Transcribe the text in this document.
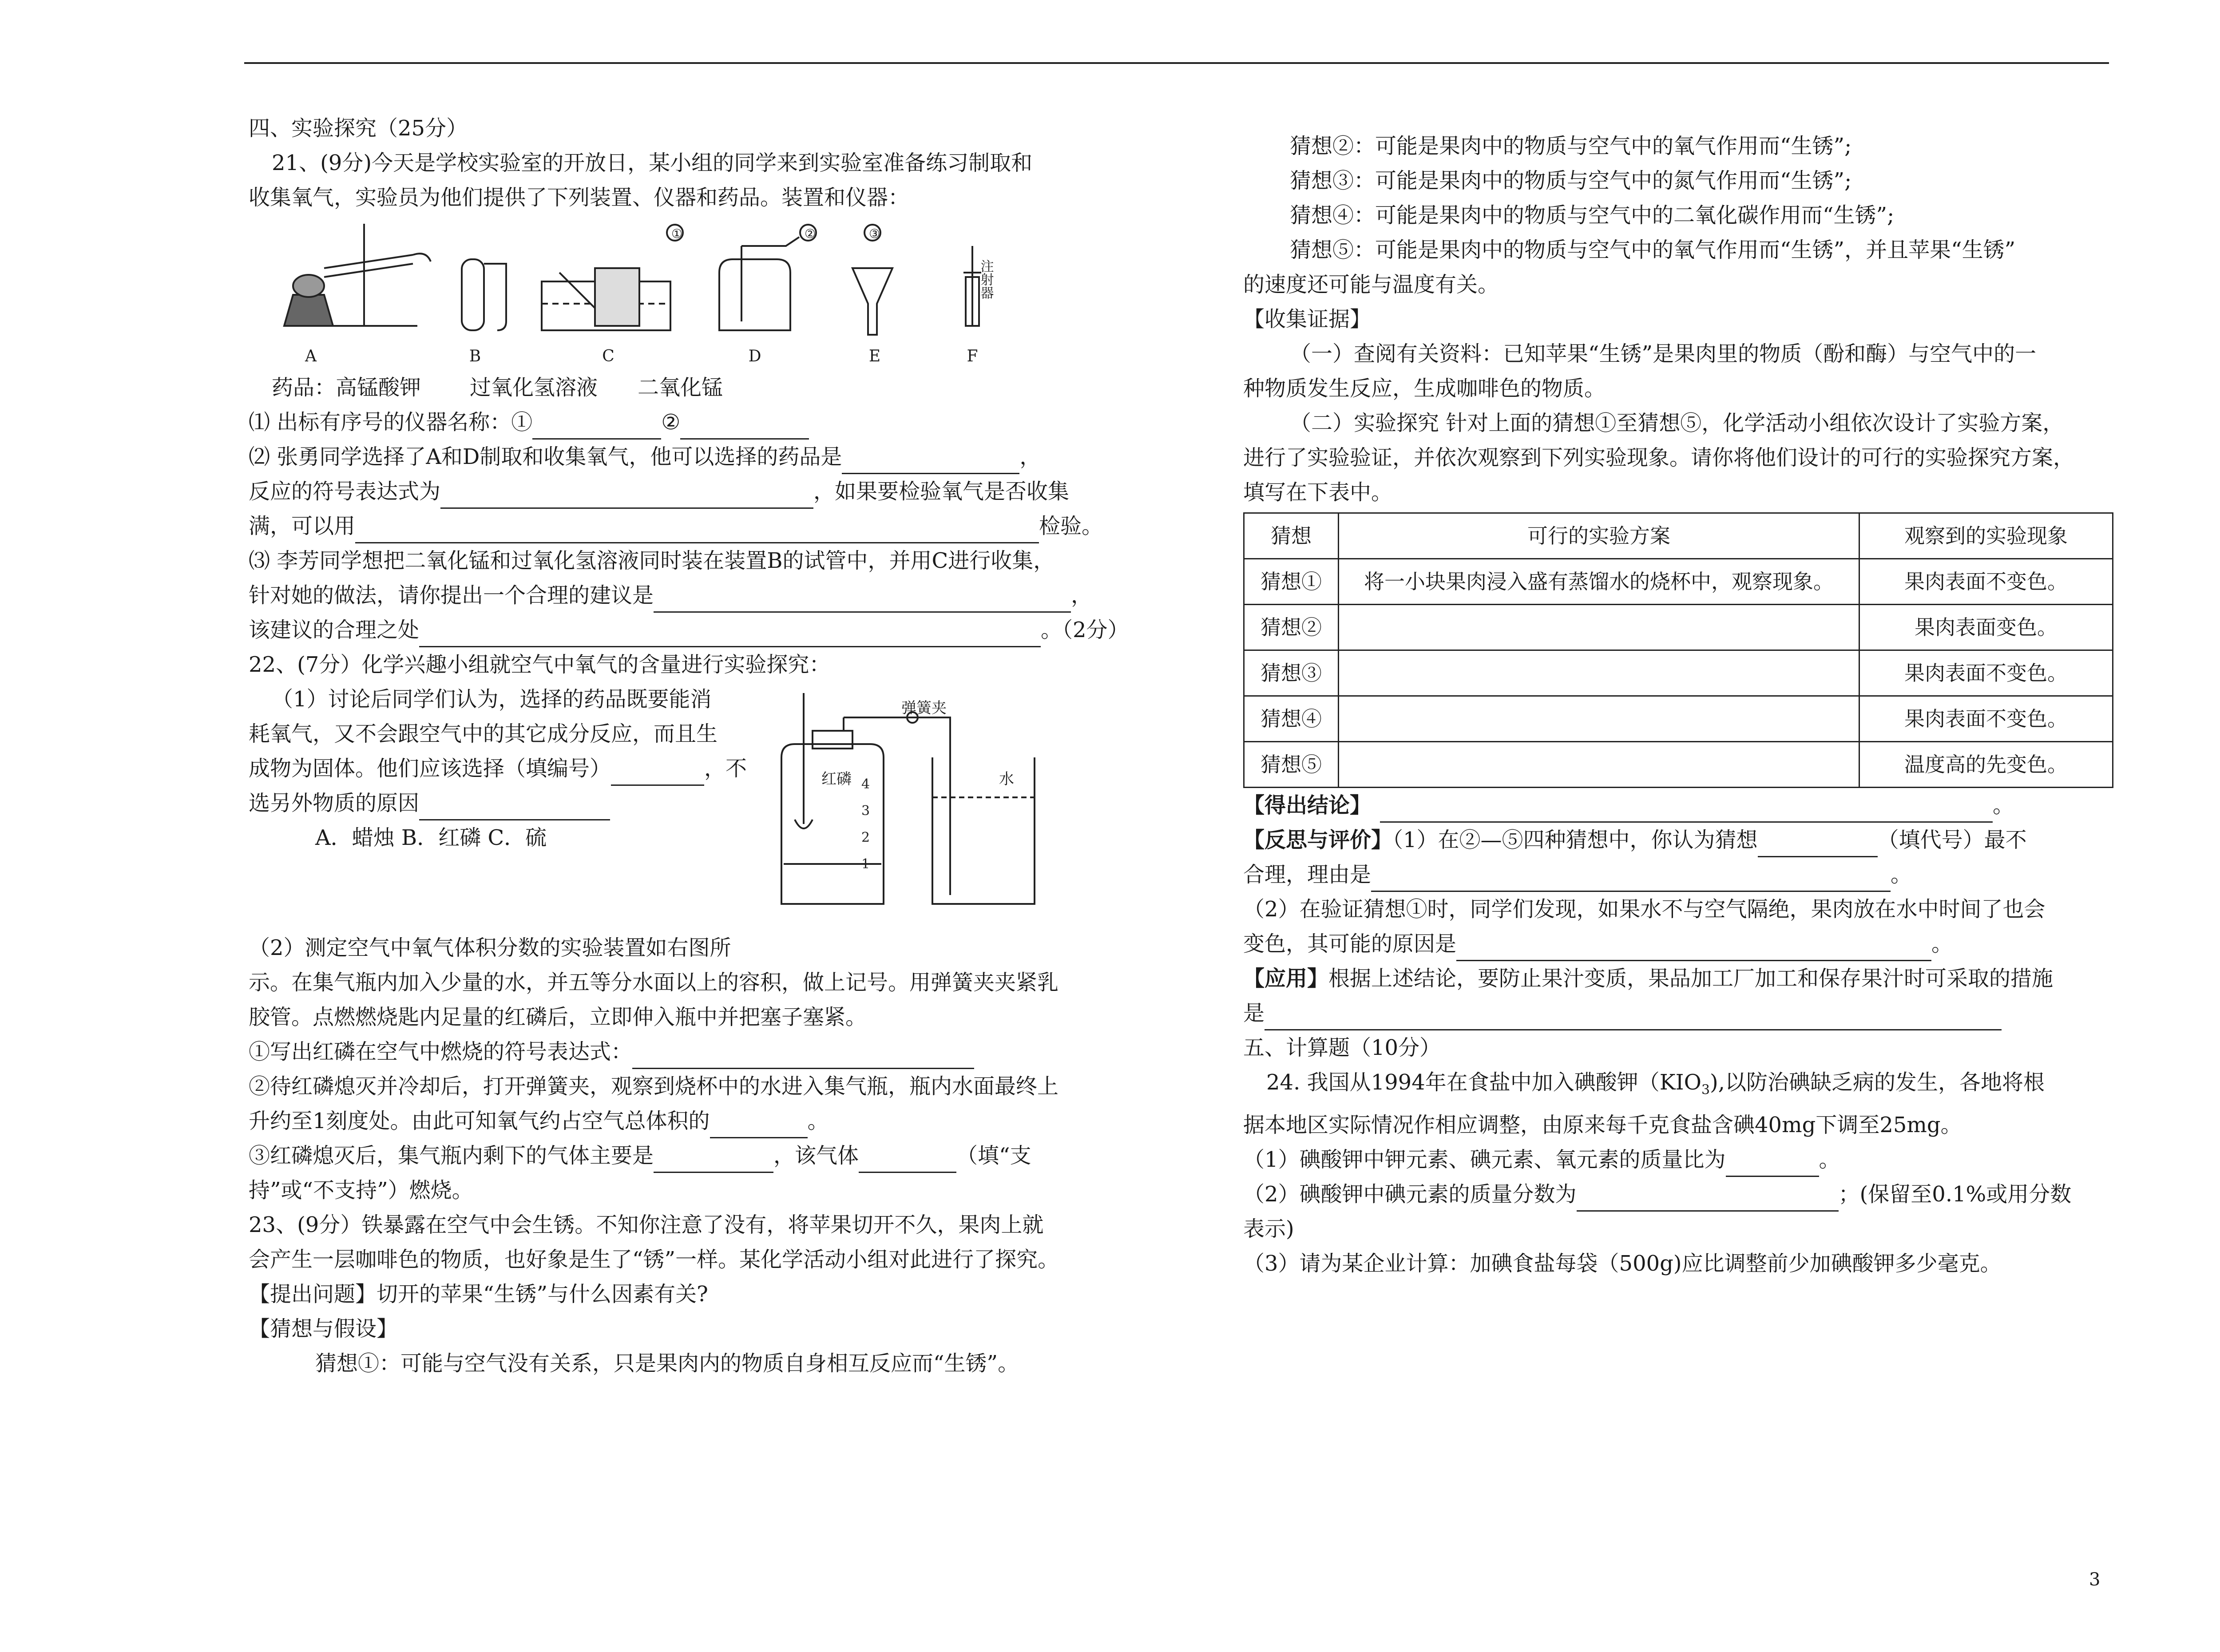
四、实验探究（25分）

21、(9分)今天是学校实验室的开放日，某小组的同学来到实验室准备练习制取和

收集氧气，实验员为他们提供了下列装置、仪器和药品。装置和仪器：

①	②	③
注射器
A	B	C	D	E	F

药品：高锰酸钾 过氧化氢溶液 二氧化锰

⑴ 出标有序号的仪器名称：①	②

⑵ 张勇同学选择了A和D制取和收集氧气，他可以选择的药品是	，

反应的符号表达式为	，如果要检验氧气是否收集

满，可以用	检验。

⑶ 李芳同学想把二氧化锰和过氧化氢溶液同时装在装置B的试管中，并用C进行收集，

针对她的做法，请你提出一个合理的建议是	，

该建议的合理之处	。（2分）

22、(7分）化学兴趣小组就空气中氧气的含量进行实验探究：

（1）讨论后同学们认为，选择的药品既要能消

耗氧气，又不会跟空气中的其它成分反应，而且生

成物为固体。他们应该选择（填编号）	，不

选另外物质的原因

A．蜡烛 B．红磷 C．硫

4
3
2
1
弹簧夹
红磷	水

（2）测定空气中氧气体积分数的实验装置如右图所

示。在集气瓶内加入少量的水，并五等分水面以上的容积，做上记号。用弹簧夹夹紧乳

胶管。点燃燃烧匙内足量的红磷后，立即伸入瓶中并把塞子塞紧。

①写出红磷在空气中燃烧的符号表达式：

②待红磷熄灭并冷却后，打开弹簧夹，观察到烧杯中的水进入集气瓶，瓶内水面最终上

升约至1刻度处。由此可知氧气约占空气总体积的	。

③红磷熄灭后，集气瓶内剩下的气体主要是	，该气体	（填“支

持”或“不支持”）燃烧。

23、(9分）铁暴露在空气中会生锈。不知你注意了没有，将苹果切开不久，果肉上就

会产生一层咖啡色的物质，也好象是生了“锈”一样。某化学活动小组对此进行了探究。

【提出问题】切开的苹果“生锈”与什么因素有关?

【猜想与假设】

猜想①：可能与空气没有关系，只是果肉内的物质自身相互反应而“生锈”。

猜想②：可能是果肉中的物质与空气中的氧气作用而“生锈”;

猜想③：可能是果肉中的物质与空气中的氮气作用而“生锈”;

猜想④：可能是果肉中的物质与空气中的二氧化碳作用而“生锈”;

猜想⑤：可能是果肉中的物质与空气中的氧气作用而“生锈”，并且苹果“生锈”

的速度还可能与温度有关。

【收集证据】

（一）查阅有关资料：已知苹果“生锈”是果肉里的物质（酚和酶）与空气中的一

种物质发生反应，生成咖啡色的物质。

（二）实验探究 针对上面的猜想①至猜想⑤，化学活动小组依次设计了实验方案，

进行了实验验证，并依次观察到下列实验现象。请你将他们设计的可行的实验探究方案，

填写在下表中。

猜想	可行的实验方案	观察到的实验现象
猜想①	将一小块果肉浸入盛有蒸馏水的烧杯中，观察现象。	果肉表面不变色。
猜想②		果肉表面变色。
猜想③		果肉表面不变色。
猜想④		果肉表面不变色。
猜想⑤		温度高的先变色。

【得出结论】	。

【反思与评价】（1）在②—⑤四种猜想中，你认为猜想	（填代号）最不

合理，理由是	。

（2）在验证猜想①时，同学们发现，如果水不与空气隔绝，果肉放在水中时间了也会

变色，其可能的原因是	。

【应用】根据上述结论，要防止果汁变质，果品加工厂加工和保存果汁时可采取的措施

是

五、计算题（10分）

24. 我国从1994年在食盐中加入碘酸钾$(KIO_3)$,以防治碘缺乏病的发生，各地将根

据本地区实际情况作相应调整，由原来每千克食盐含碘40mg下调至25mg。

（1）碘酸钾中钾元素、碘元素、氧元素的质量比为	。

（2）碘酸钾中碘元素的质量分数为	；(保留至0.1%或用分数

表示)

（3）请为某企业计算：加碘食盐每袋（500g)应比调整前少加碘酸钾多少毫克。

3
